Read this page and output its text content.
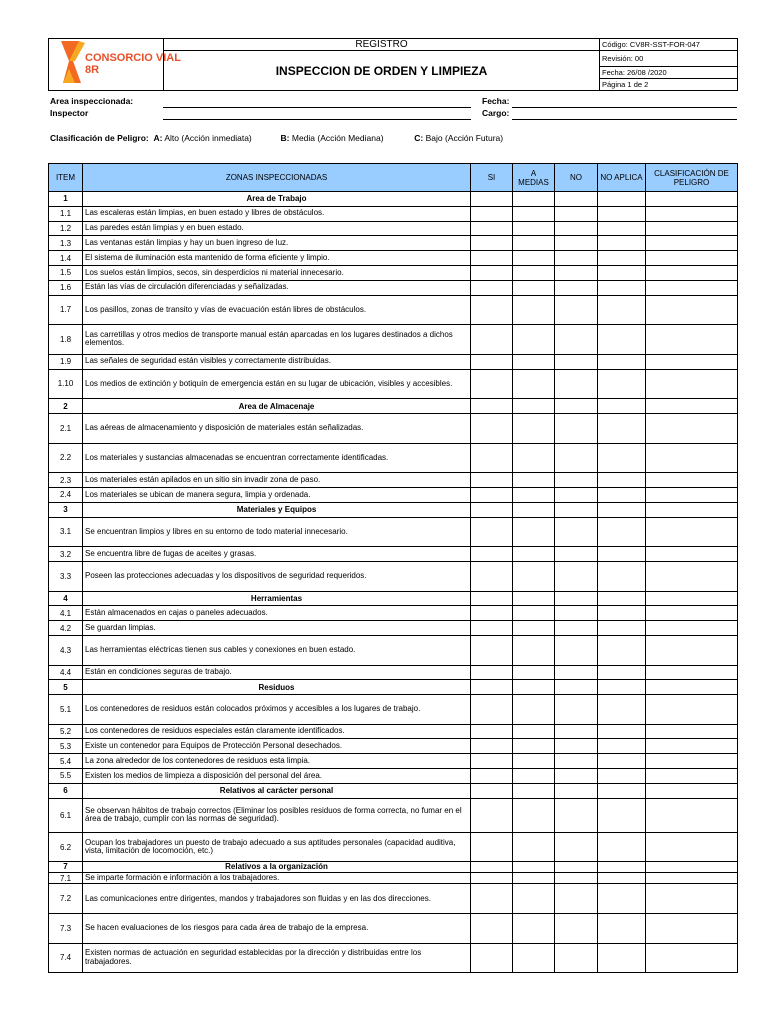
CONSORCIO VIAL
8R	REGISTRO	Código: CV8R-SST-FOR-047
	INSPECCION DE ORDEN Y LIMPIEZA	Revisión: 00
		Fecha: 26/08 /2020
		Página 1 de 2
Area inspeccionada:
Inspector
Fecha:
Cargo:
Clasificación de Peligro: A: Alto (Acción inmediata)	B: Media (Acción Mediana)	C: Bajo (Acción Futura)
ITEM	ZONAS INSPECCIONADAS	SI	A MEDIAS	NO	NO APLICA	CLASIFICACIÓN DE PELIGRO
1	Area de Trabajo					
1.1	Las escaleras están limpias, en buen estado y libres de obstáculos.					
1.2	Las paredes están limpias y en buen estado.					
1.3	Las ventanas están limpias y hay un buen ingreso de luz.					
1.4	El sistema de iluminación esta mantenido de forma eficiente y limpio.					
1.5	Los suelos están limpios, secos, sin desperdicios ni material innecesario.					
1.6	Están las vías de circulación diferenciadas y señalizadas.					
1.7	Los pasillos, zonas de transito y vías de evacuación están libres de obstáculos.					
1.8	Las carretillas y otros medios de transporte manual están aparcadas en los lugares destinados a dichos elementos.					
1.9	Las señales de seguridad están visibles y correctamente distribuidas.					
1.10	Los medios de extinción y botiquín de emergencia están en su lugar de ubicación, visibles y accesibles.					
2	Area de Almacenaje					
2.1	Las aéreas de almacenamiento y disposición de materiales están señalizadas.					
2.2	Los materiales y sustancias almacenadas se encuentran correctamente identificadas.					
2.3	Los materiales están apilados en un sitio sin invadir zona de paso.					
2.4	Los materiales se ubican de manera segura, limpia y ordenada.					
3	Materiales y Equipos					
3.1	Se encuentran limpios y libres en su entorno de todo material innecesario.					
3.2	Se encuentra libre de fugas de aceites y grasas.					
3.3	Poseen las protecciones adecuadas y los dispositivos de seguridad requeridos.					
4	Herramientas					
4.1	Están almacenados en cajas o paneles adecuados.					
4.2	Se guardan limpias.					
4.3	Las herramientas eléctricas tienen sus cables y conexiones en buen estado.					
4.4	Están en condiciones seguras de trabajo.					
5	Residuos					
5.1	Los contenedores de residuos están colocados próximos y accesibles a los lugares de trabajo.					
5.2	Los contenedores de residuos especiales están claramente identificados.					
5.3	Existe un contenedor para Equipos de Protección Personal desechados.					
5.4	La zona alrededor de los contenedores de residuos esta limpia.					
5.5	Existen los medios de limpieza a disposición del personal del área.					
6	Relativos al carácter personal					
6.1	Se observan hábitos de trabajo correctos (Eliminar los posibles residuos de forma correcta, no fumar en el área de trabajo, cumplir con las normas de seguridad).					
6.2	Ocupan los trabajadores un puesto de trabajo adecuado a sus aptitudes personales (capacidad auditiva, vista, limitación de locomoción, etc.)					
7	Relativos a la organización					
7.1	Se imparte formación e información a los trabajadores.					
7.2	Las comunicaciones entre dirigentes, mandos y trabajadores son fluidas y en las dos direcciones.					
7.3	Se hacen evaluaciones de los riesgos para cada área de trabajo de la empresa.					
7.4	Existen normas de actuación en seguridad establecidas por la dirección y distribuidas entre los trabajadores.					
